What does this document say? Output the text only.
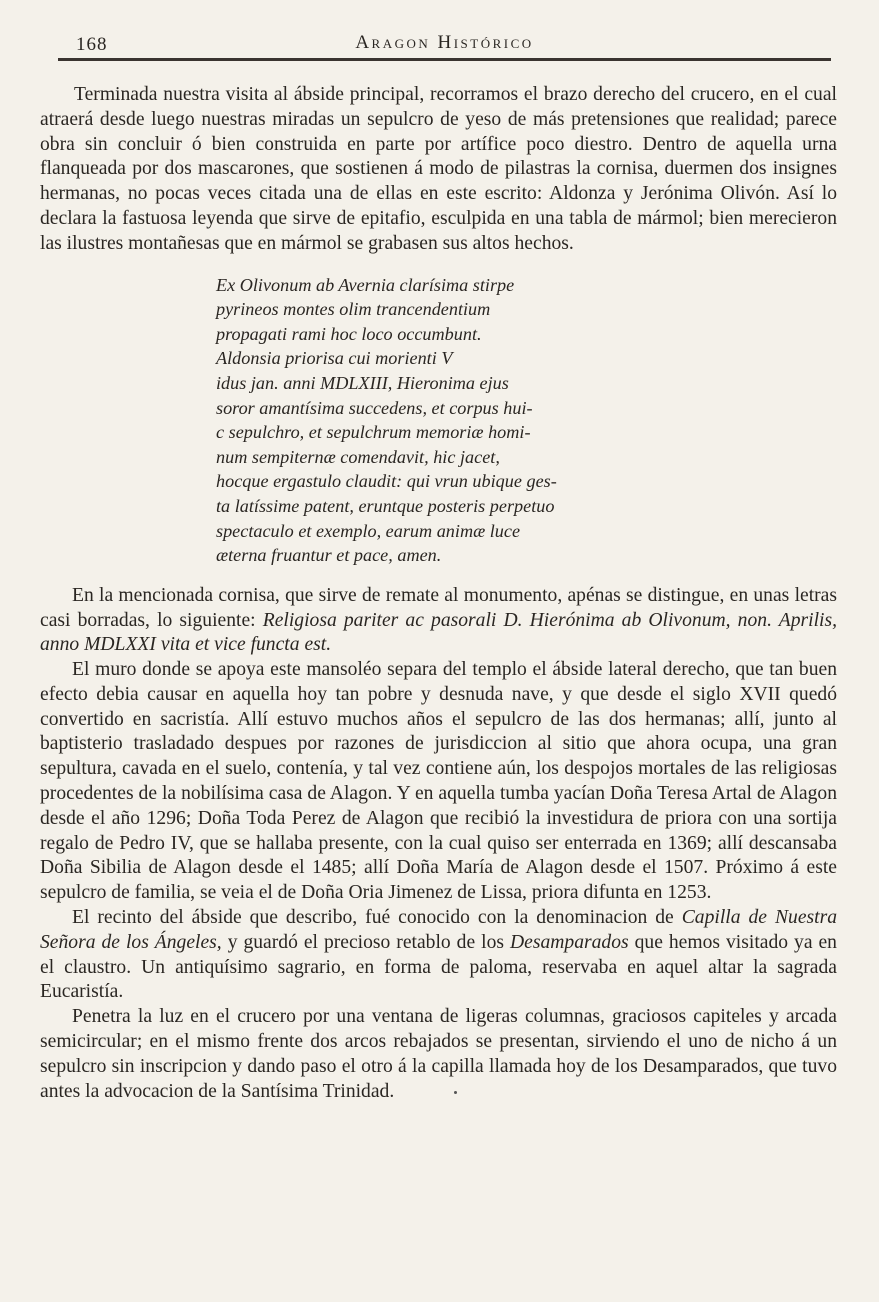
168	Aragon Histórico

Terminada nuestra visita al ábside principal, recorramos el brazo derecho del crucero, en el cual atraerá desde luego nuestras miradas un sepulcro de yeso de más pretensiones que realidad; parece obra sin concluir ó bien construida en parte por artífice poco diestro. Dentro de aquella urna flanqueada por dos mascarones, que sostienen á modo de pilastras la cornisa, duermen dos insignes hermanas, no pocas veces citada una de ellas en este escrito: Aldonza y Jerónima Olivón. Así lo declara la fastuosa leyenda que sirve de epitafio, esculpida en una tabla de mármol; bien merecieron las ilustres montañesas que en mármol se grabasen sus altos hechos.

Ex Olivonum ab Avernia clarísima stirpe
pyrineos montes olim trancendentium
propagati rami hoc loco occumbunt.
Aldonsia priorisa cui morienti V
idus jan. anni MDLXIII, Hieronima ejus
soror amantísima succedens, et corpus hui-
c sepulchro, et sepulchrum memoriæ homi-
num sempiternæ comendavit, hic jacet,
hocque ergastulo claudit: qui vrun ubique ges-
ta latíssime patent, eruntque posteris perpetuo
spectaculo et exemplo, earum animæ luce
æterna fruantur et pace, amen.

En la mencionada cornisa, que sirve de remate al monumento, apénas se distingue, en unas letras casi borradas, lo siguiente: Religiosa pariter ac pasorali D. Hierónima ab Olivonum, non. Aprilis, anno MDLXXI vita et vice functa est.

El muro donde se apoya este mansoléo separa del templo el ábside lateral derecho, que tan buen efecto debia causar en aquella hoy tan pobre y desnuda nave, y que desde el siglo XVII quedó convertido en sacristía. Allí estuvo muchos años el sepulcro de las dos hermanas; allí, junto al baptisterio trasladado despues por razones de jurisdiccion al sitio que ahora ocupa, una gran sepultura, cavada en el suelo, contenía, y tal vez contiene aún, los despojos mortales de las religiosas procedentes de la nobilísima casa de Alagon. Y en aquella tumba yacían Doña Teresa Artal de Alagon desde el año 1296; Doña Toda Perez de Alagon que recibió la investidura de priora con una sortija regalo de Pedro IV, que se hallaba presente, con la cual quiso ser enterrada en 1369; allí descansaba Doña Sibilia de Alagon desde el 1485; allí Doña María de Alagon desde el 1507. Próximo á este sepulcro de familia, se veia el de Doña Oria Jimenez de Lissa, priora difunta en 1253.

El recinto del ábside que describo, fué conocido con la denominacion de Capilla de Nuestra Señora de los Ángeles, y guardó el precioso retablo de los Desamparados que hemos visitado ya en el claustro. Un antiquísimo sagrario, en forma de paloma, reservaba en aquel altar la sagrada Eucaristía.

Penetra la luz en el crucero por una ventana de ligeras columnas, graciosos capiteles y arcada semicircular; en el mismo frente dos arcos rebajados se presentan, sirviendo el uno de nicho á un sepulcro sin inscripcion y dando paso el otro á la capilla llamada hoy de los Desamparados, que tuvo antes la advocacion de la Santísima Trinidad.
